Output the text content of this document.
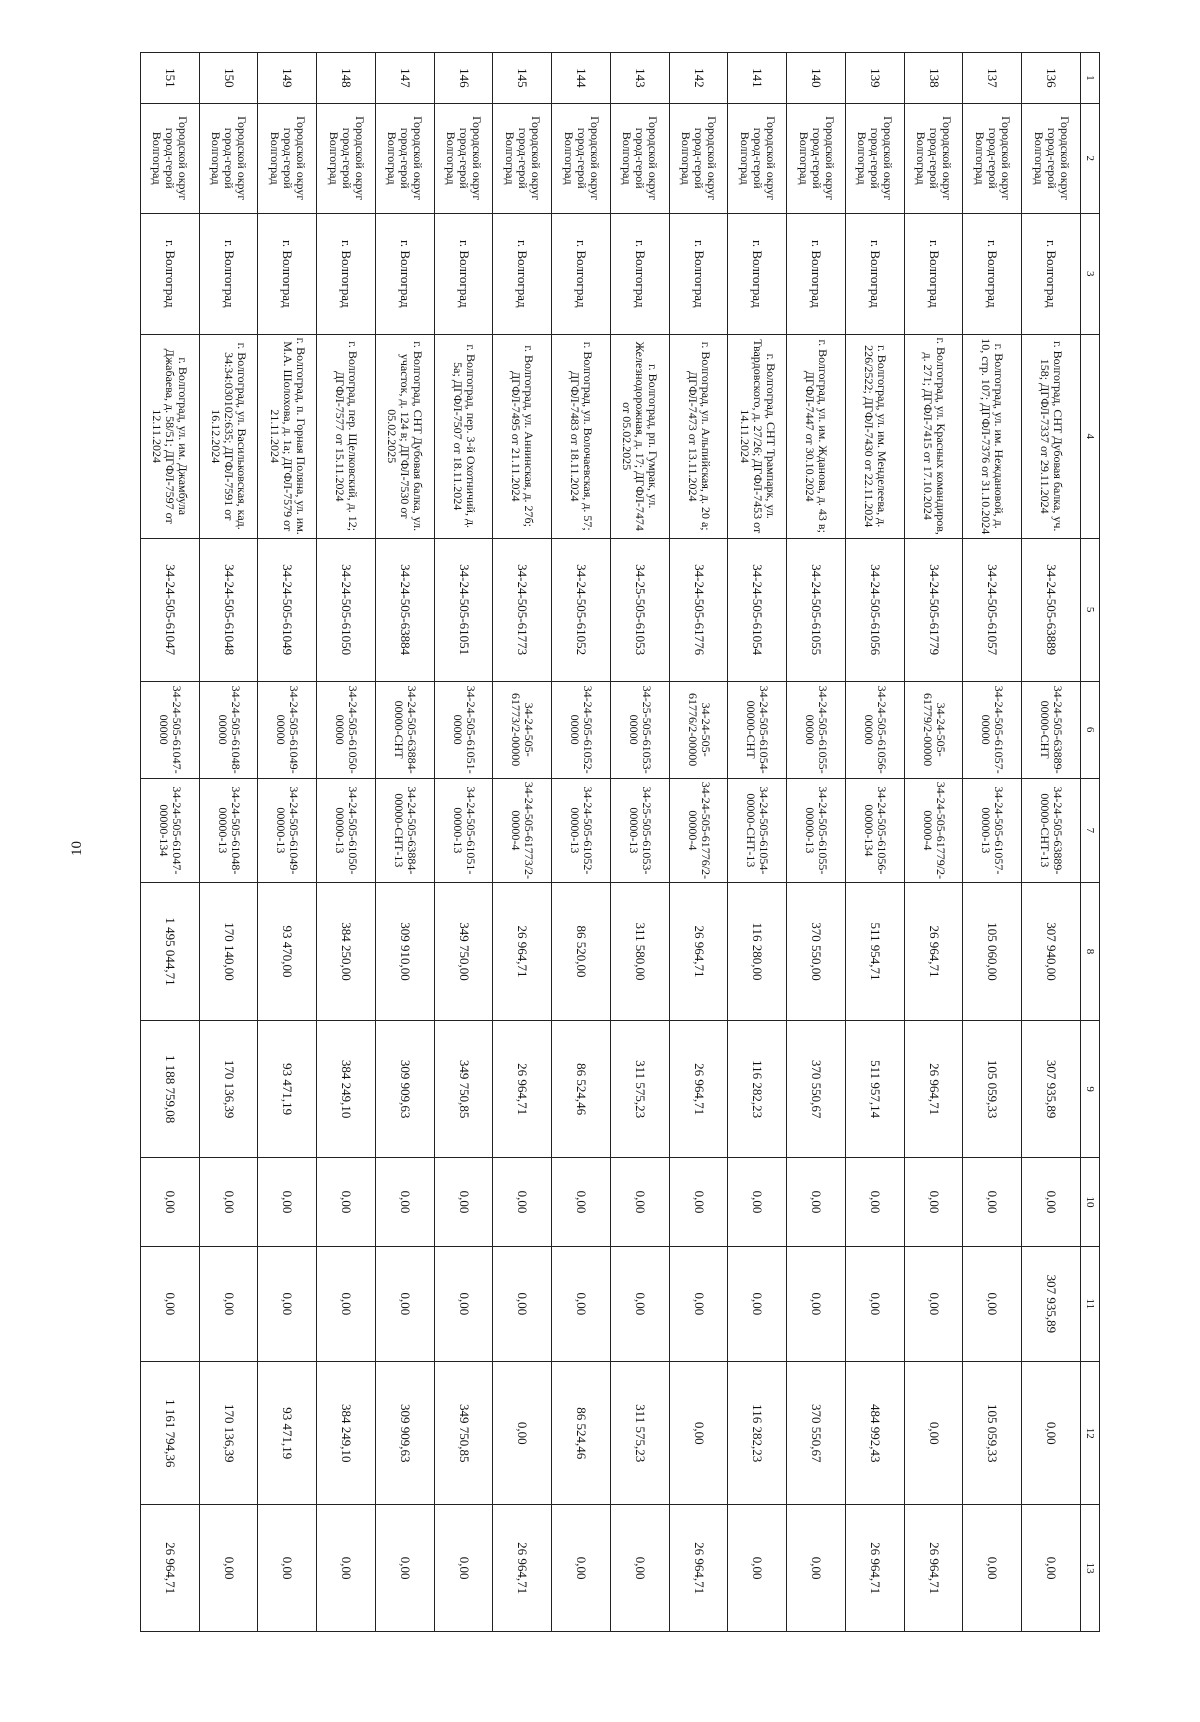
10
1	2	3	4	5	6	7	8	9	10	11	12	13
136	Городской округ город-герой Волгоград	г. Волгоград	г. Волгоград, СНТ Дубовая балка, уч. 158; ДГФЛ-7337 от 29.11.2024	34-24-505-63889	34-24-505-63889-00000-СНТ	34-24-505-63889-00000-СНТ-13	307 940,00	307 935,89	0,00	307 935,89	0,00	0,00
137	Городской округ город-герой Волгоград	г. Волгоград	г. Волгоград, ул. им. Неждановой, д. 10, стр. 107; ДГФЛ-7376 от 31.10.2024	34-24-505-61057	34-24-505-61057-00000	34-24-505-61057-00000-13	105 060,00	105 059,33	0,00	0,00	105 059,33	0,00
138	Городской округ город-герой Волгоград	г. Волгоград	г. Волгоград, ул. Красных командиров, д. 271; ДГФЛ-7415 от 17.10.2024	34-24-505-61779	34-24-505-61779/2-00000	34-24-505-61779/2-00000-4	26 964,71	26 964,71	0,00	0,00	0,00	26 964,71
139	Городской округ город-герой Волгоград	г. Волгоград	г. Волгоград, ул. им. Менделеева, д. 226/2522; ДГФЛ-7430 от 22.11.2024	34-24-505-61056	34-24-505-61056-00000	34-24-505-61056-00000-134	511 954,71	511 957,14	0,00	0,00	484 992,43	26 964,71
140	Городской округ город-герой Волгоград	г. Волгоград	г. Волгоград, ул. им. Жданова, д. 43 в; ДГФЛ-7447 от 30.10.2024	34-24-505-61055	34-24-505-61055-00000	34-24-505-61055-00000-13	370 550,00	370 550,67	0,00	0,00	370 550,67	0,00
141	Городской округ город-герой Волгоград	г. Волгоград	г. Волгоград, СНТ Трампарк, ул. Твардовского, д. 27/26; ДГФЛ-7453 от 14.11.2024	34-24-505-61054	34-24-505-61054-00000-СНТ	34-24-505-61054-00000-СНТ-13	116 280,00	116 282,23	0,00	0,00	116 282,23	0,00
142	Городской округ город-герой Волгоград	г. Волгоград	г. Волгоград, ул. Альпийская, д. 20 а; ДГФЛ-7473 от 13.11.2024	34-24-505-61776	34-24-505-61776/2-00000	34-24-505-61776/2-00000-4	26 964,71	26 964,71	0,00	0,00	0,00	26 964,71
143	Городской округ город-герой Волгоград	г. Волгоград	г. Волгоград, рп. Гумрак, ул. Железнодорожная, д. 17; ДГФЛ-7474 от 05.02.2025	34-25-505-61053	34-25-505-61053-00000	34-25-505-61053-00000-13	311 580,00	311 575,23	0,00	0,00	311 575,23	0,00
144	Городской округ город-герой Волгоград	г. Волгоград	г. Волгоград, ул. Волочаевская, д. 57; ДГФЛ-7483 от 18.11.2024	34-24-505-61052	34-24-505-61052-00000	34-24-505-61052-00000-13	86 520,00	86 524,46	0,00	0,00	86 524,46	0,00
145	Городской округ город-герой Волгоград	г. Волгоград	г. Волгоград, ул. Аннинская, д. 27б; ДГФЛ-7495 от 21.11.2024	34-24-505-61773	34-24-505-61773/2-00000	34-24-505-61773/2-00000-4	26 964,71	26 964,71	0,00	0,00	0,00	26 964,71
146	Городской округ город-герой Волгоград	г. Волгоград	г. Волгоград, пер. 3-й Охотничий, д. 5а; ДГФЛ-7507 от 18.11.2024	34-24-505-61051	34-24-505-61051-00000	34-24-505-61051-00000-13	349 750,00	349 750,85	0,00	0,00	349 750,85	0,00
147	Городской округ город-герой Волгоград	г. Волгоград	г. Волгоград, СНТ Дубовая балка, ул. участок, д. 124 в; ДГФЛ-7530 от 05.02.2025	34-24-505-63884	34-24-505-63884-00000-СНТ	34-24-505-63884-00000-СНТ-13	309 910,00	309 909,63	0,00	0,00	309 909,63	0,00
148	Городской округ город-герой Волгоград	г. Волгоград	г. Волгоград, пер. Щелковский, д. 12; ДГФЛ-7577 от 15.11.2024	34-24-505-61050	34-24-505-61050-00000	34-24-505-61050-00000-13	384 250,00	384 249,10	0,00	0,00	384 249,10	0,00
149	Городской округ город-герой Волгоград	г. Волгоград	г. Волгоград, п. Горная Поляна, ул. им. М.А. Шолохова, д. 1а; ДГФЛ-7579 от 21.11.2024	34-24-505-61049	34-24-505-61049-00000	34-24-505-61049-00000-13	93 470,00	93 471,19	0,00	0,00	93 471,19	0,00
150	Городской округ город-герой Волгоград	г. Волгоград	г. Волгоград, ул. Васильковская, кад. 34:34:030102:635; ДГФЛ-7591 от 16.12.2024	34-24-505-61048	34-24-505-61048-00000	34-24-505-61048-00000-13	170 140,00	170 136,39	0,00	0,00	170 136,39	0,00
151	Городской округ город-герой Волгоград	г. Волгоград	г. Волгоград, ул. им. Джамбула Джабаева, д. 58/51; ДГФЛ-7597 от 12.11.2024	34-24-505-61047	34-24-505-61047-00000	34-24-505-61047-00000-134	1 495 044,71	1 188 759,08	0,00	0,00	1 161 794,36	26 964,71
